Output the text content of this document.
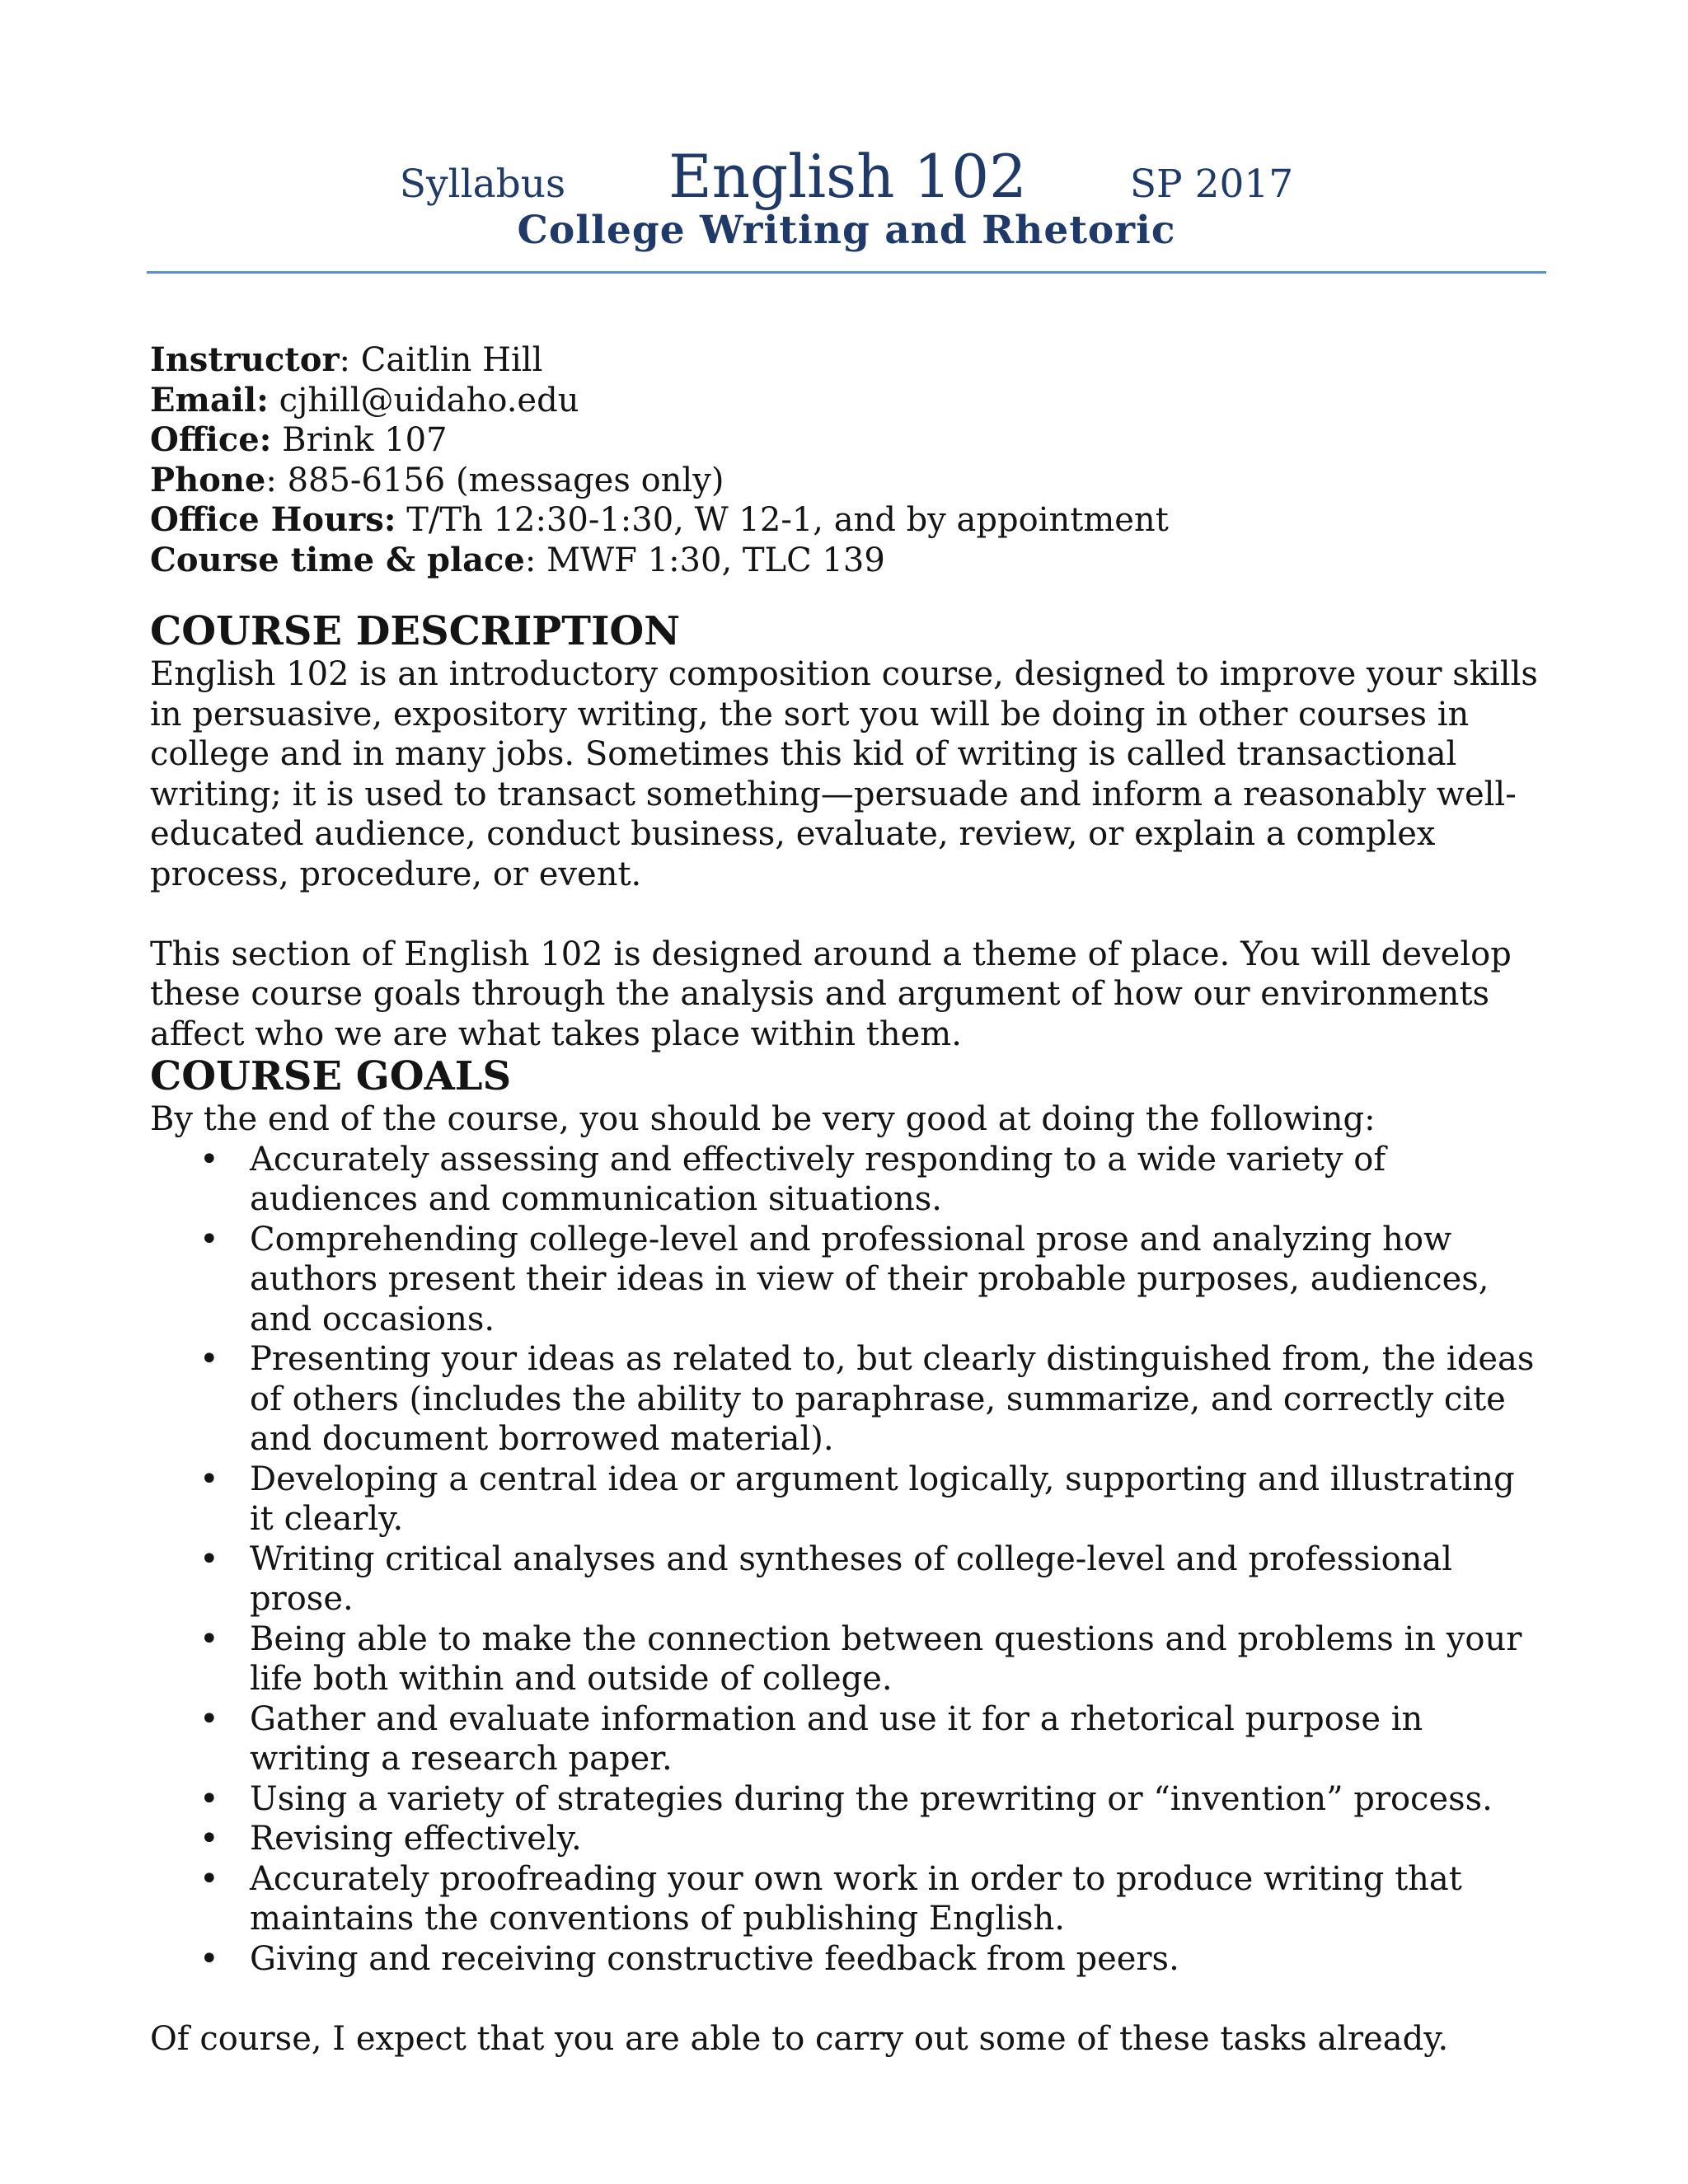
Syllabus English 102	SP 2017
College Writing and Rhetoric
Instructor: Caitlin Hill
Email: cjhill@uidaho.edu
Office: Brink 107
Phone: 885-6156 (messages only)
Office Hours: T/Th 12:30-1:30, W 12-1, and by appointment
Course time & place: MWF 1:30, TLC 139
COURSE DESCRIPTION

English 102 is an introductory composition course, designed to improve your skills in persuasive, expository writing, the sort you will be doing in other courses in college and in many jobs. Sometimes this kid of writing is called transactional writing; it is used to transact something—persuade and inform a reasonably well-educated audience, conduct business, evaluate, review, or explain a complex process, procedure, or event.

This section of English 102 is designed around a theme of place. You will develop these course goals through the analysis and argument of how our environments affect who we are what takes place within them.

COURSE GOALS

By the end of the course, you should be very good at doing the following:

• Accurately assessing and effectively responding to a wide variety of audiences and communication situations.
• Comprehending college-level and professional prose and analyzing how authors present their ideas in view of their probable purposes, audiences, and occasions.
• Presenting your ideas as related to, but clearly distinguished from, the ideas of others (includes the ability to paraphrase, summarize, and correctly cite and document borrowed material).
• Developing a central idea or argument logically, supporting and illustrating it clearly.
• Writing critical analyses and syntheses of college-level and professional prose.
• Being able to make the connection between questions and problems in your life both within and outside of college.
• Gather and evaluate information and use it for a rhetorical purpose in writing a research paper.
• Using a variety of strategies during the prewriting or “invention” process.
• Revising effectively.
• Accurately proofreading your own work in order to produce writing that maintains the conventions of publishing English.
• Giving and receiving constructive feedback from peers.

Of course, I expect that you are able to carry out some of these tasks already.
